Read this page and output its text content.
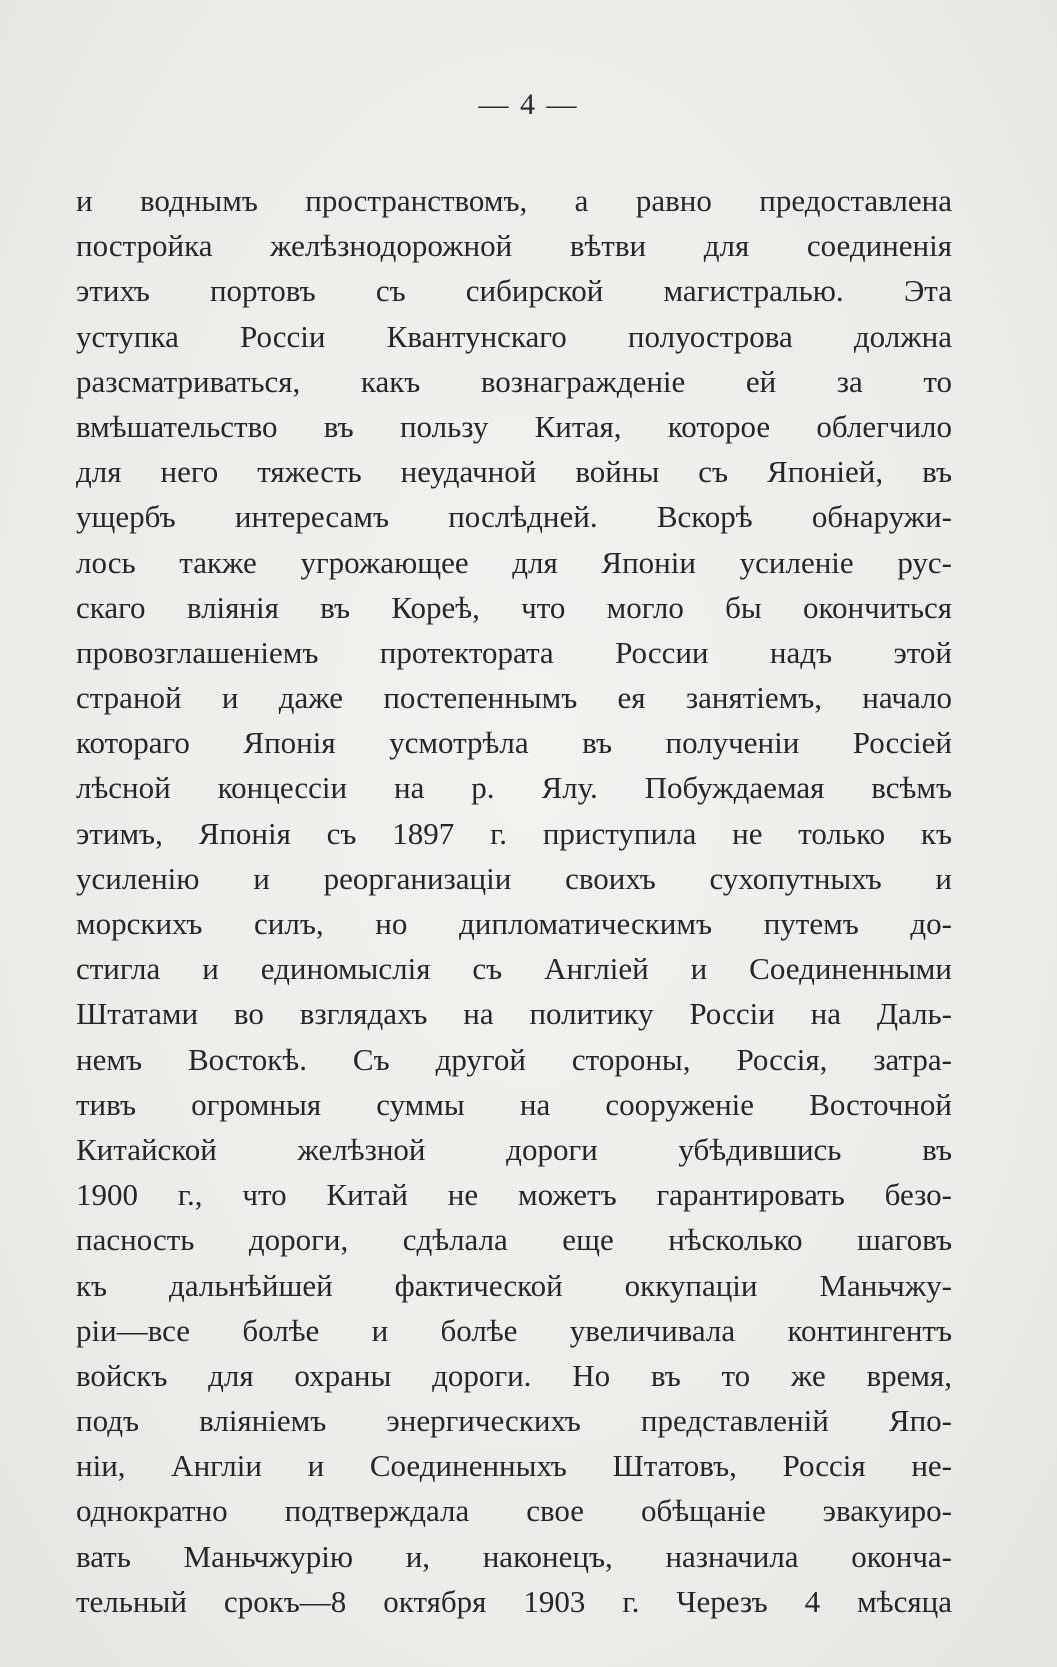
— 4 —
и воднымъ пространствомъ, а равно предоставлена
постройка желѣзнодорожной вѣтви для соединенія
этихъ портовъ съ сибирской магистралью. Эта
уступка Россіи Квантунскаго полуострова должна
разсматриваться, какъ вознагражденіе ей за то
вмѣшательство въ пользу Китая, которое облегчило
для него тяжесть неудачной войны съ Японіей, въ
ущербъ интересамъ послѣдней. Вскорѣ обнаружи-
лось также угрожающее для Японіи усиленіе рус-
скаго вліянія въ Кореѣ, что могло бы окончиться
провозглашеніемъ протектората России надъ этой
страной и даже постепеннымъ ея занятіемъ, начало
котораго Японія усмотрѣла въ полученіи Россіей
лѣсной концессіи на р. Ялу. Побуждаемая всѣмъ
этимъ, Японія съ 1897 г. приступила не только къ
усиленію и реорганизаціи своихъ сухопутныхъ и
морскихъ силъ, но дипломатическимъ путемъ до-
стигла и единомыслія съ Англіей и Соединенными
Штатами во взглядахъ на политику Россіи на Даль-
немъ Востокѣ. Съ другой стороны, Россія, затра-
тивъ огромныя суммы на сооруженіе Восточной
Китайской желѣзной дороги убѣдившись въ
1900 г., что Китай не можетъ гарантировать безо-
пасность дороги, сдѣлала еще нѣсколько шаговъ
къ дальнѣйшей фактической оккупаціи Маньчжу-
ріи—все болѣе и болѣе увеличивала контингентъ
войскъ для охраны дороги. Но въ то же время,
подъ вліяніемъ энергическихъ представленій Япо-
ніи, Англіи и Соединенныхъ Штатовъ, Россія не-
однократно подтверждала свое обѣщаніе эвакуиро-
вать Маньчжурію и, наконецъ, назначила оконча-
тельный срокъ—8 октября 1903 г. Черезъ 4 мѣсяца
